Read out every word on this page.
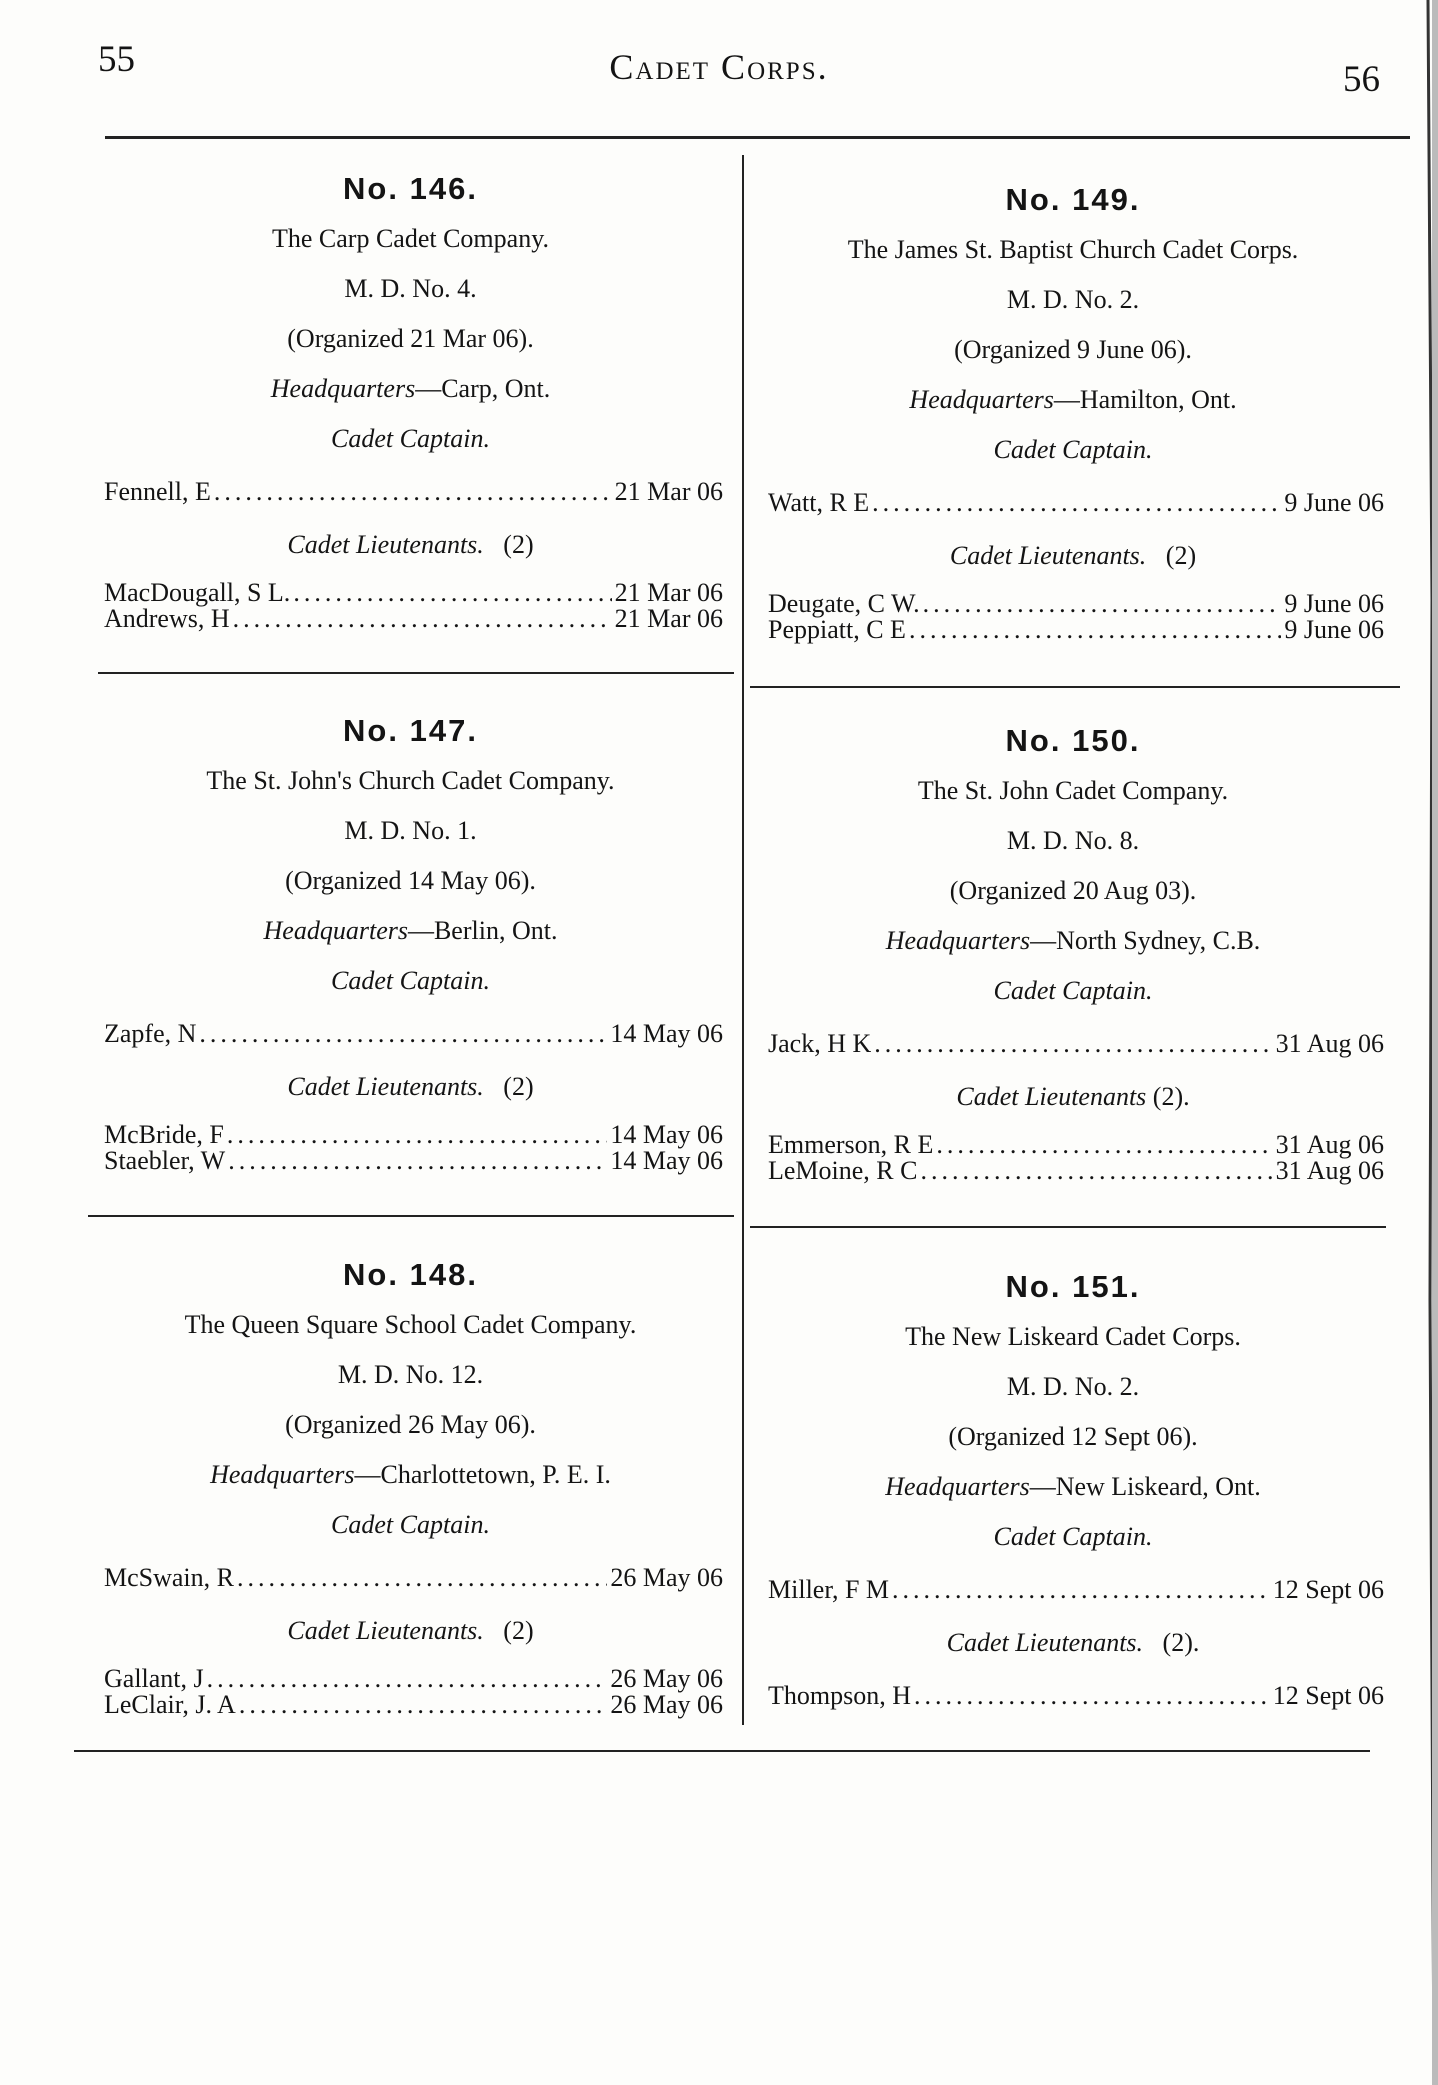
55	Cadet Corps.	56
No. 146.
The Carp Cadet Company.
M. D. No. 4.
(Organized 21 Mar 06).
Headquarters—Carp, Ont.
Cadet Captain.
Fennell, E .....	21 Mar 06
Cadet Lieutenants. (2)
MacDougall, S L. .....	21 Mar 06
Andrews, H .....	21 Mar 06
No. 147.
The St. John's Church Cadet Company.
M. D. No. 1.
(Organized 14 May 06).
Headquarters—Berlin, Ont.
Cadet Captain.
Zapfe, N .....	14 May 06
Cadet Lieutenants. (2)
McBride, F .....	14 May 06
Staebler, W .....	14 May 06
No. 148.
The Queen Square School Cadet Company.
M. D. No. 12.
(Organized 26 May 06).
Headquarters—Charlottetown, P. E. I.
Cadet Captain.
McSwain, R .....	26 May 06
Cadet Lieutenants. (2)
Gallant, J .....	26 May 06
LeClair, J. A .....	26 May 06
No. 149.
The James St. Baptist Church Cadet Corps.
M. D. No. 2.
(Organized 9 June 06).
Headquarters—Hamilton, Ont.
Cadet Captain.
Watt, R E .....	9 June 06
Cadet Lieutenants. (2)
Deugate, C W. .....	9 June 06
Peppiatt, C E .....	9 June 06
No. 150.
The St. John Cadet Company.
M. D. No. 8.
(Organized 20 Aug 03).
Headquarters—North Sydney, C.B.
Cadet Captain.
Jack, H K .....	31 Aug 06
Cadet Lieutenants (2).
Emmerson, R E .....	31 Aug 06
LeMoine, R C .....	31 Aug 06
No. 151.
The New Liskeard Cadet Corps.
M. D. No. 2.
(Organized 12 Sept 06).
Headquarters—New Liskeard, Ont.
Cadet Captain.
Miller, F M .....	12 Sept 06
Cadet Lieutenants. (2).
Thompson, H .....	12 Sept 06
